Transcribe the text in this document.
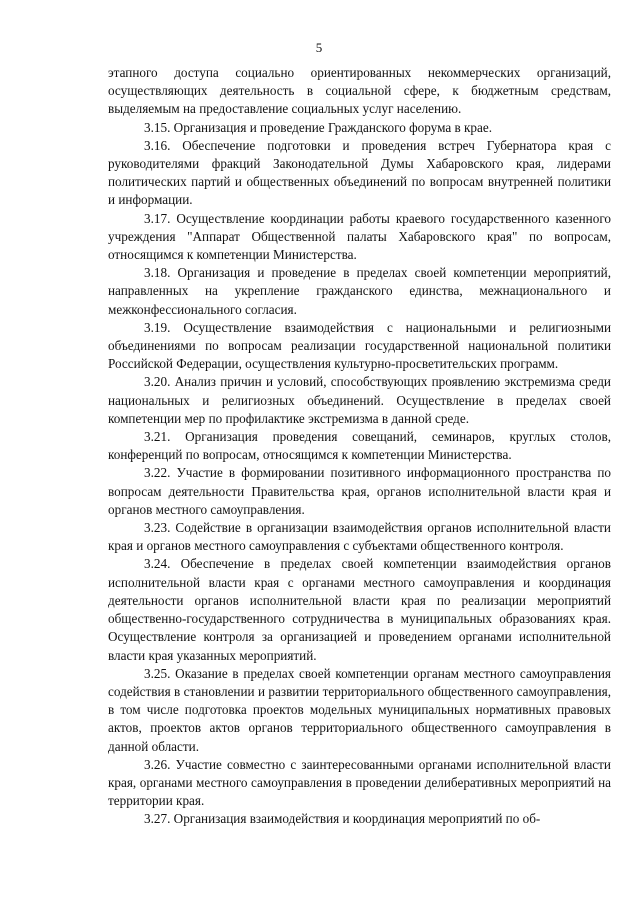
5

этапного доступа социально ориентированных некоммерческих организаций, осуществляющих деятельность в социальной сфере, к бюджетным средствам, выделяемым на предоставление социальных услуг населению.

3.15. Организация и проведение Гражданского форума в крае.

3.16. Обеспечение подготовки и проведения встреч Губернатора края с руководителями фракций Законодательной Думы Хабаровского края, лидерами политических партий и общественных объединений по вопросам внутренней политики и информации.

3.17. Осуществление координации работы краевого государственного казенного учреждения "Аппарат Общественной палаты Хабаровского края" по вопросам, относящимся к компетенции Министерства.

3.18. Организация и проведение в пределах своей компетенции мероприятий, направленных на укрепление гражданского единства, межнационального и межконфессионального согласия.

3.19. Осуществление взаимодействия с национальными и религиозными объединениями по вопросам реализации государственной национальной политики Российской Федерации, осуществления культурно-просветительских программ.

3.20. Анализ причин и условий, способствующих проявлению экстремизма среди национальных и религиозных объединений. Осуществление в пределах своей компетенции мер по профилактике экстремизма в данной среде.

3.21. Организация проведения совещаний, семинаров, круглых столов, конференций по вопросам, относящимся к компетенции Министерства.

3.22. Участие в формировании позитивного информационного пространства по вопросам деятельности Правительства края, органов исполнительной власти края и органов местного самоуправления.

3.23. Содействие в организации взаимодействия органов исполнительной власти края и органов местного самоуправления с субъектами общественного контроля.

3.24. Обеспечение в пределах своей компетенции взаимодействия органов исполнительной власти края с органами местного самоуправления и координация деятельности органов исполнительной власти края по реализации мероприятий общественно-государственного сотрудничества в муниципальных образованиях края. Осуществление контроля за организацией и проведением органами исполнительной власти края указанных мероприятий.

3.25. Оказание в пределах своей компетенции органам местного самоуправления содействия в становлении и развитии территориального общественного самоуправления, в том числе подготовка проектов модельных муниципальных нормативных правовых актов, проектов актов органов территориального общественного самоуправления в данной области.

3.26. Участие совместно с заинтересованными органами исполнительной власти края, органами местного самоуправления в проведении делиберативных мероприятий на территории края.

3.27. Организация взаимодействия и координация мероприятий по об-
